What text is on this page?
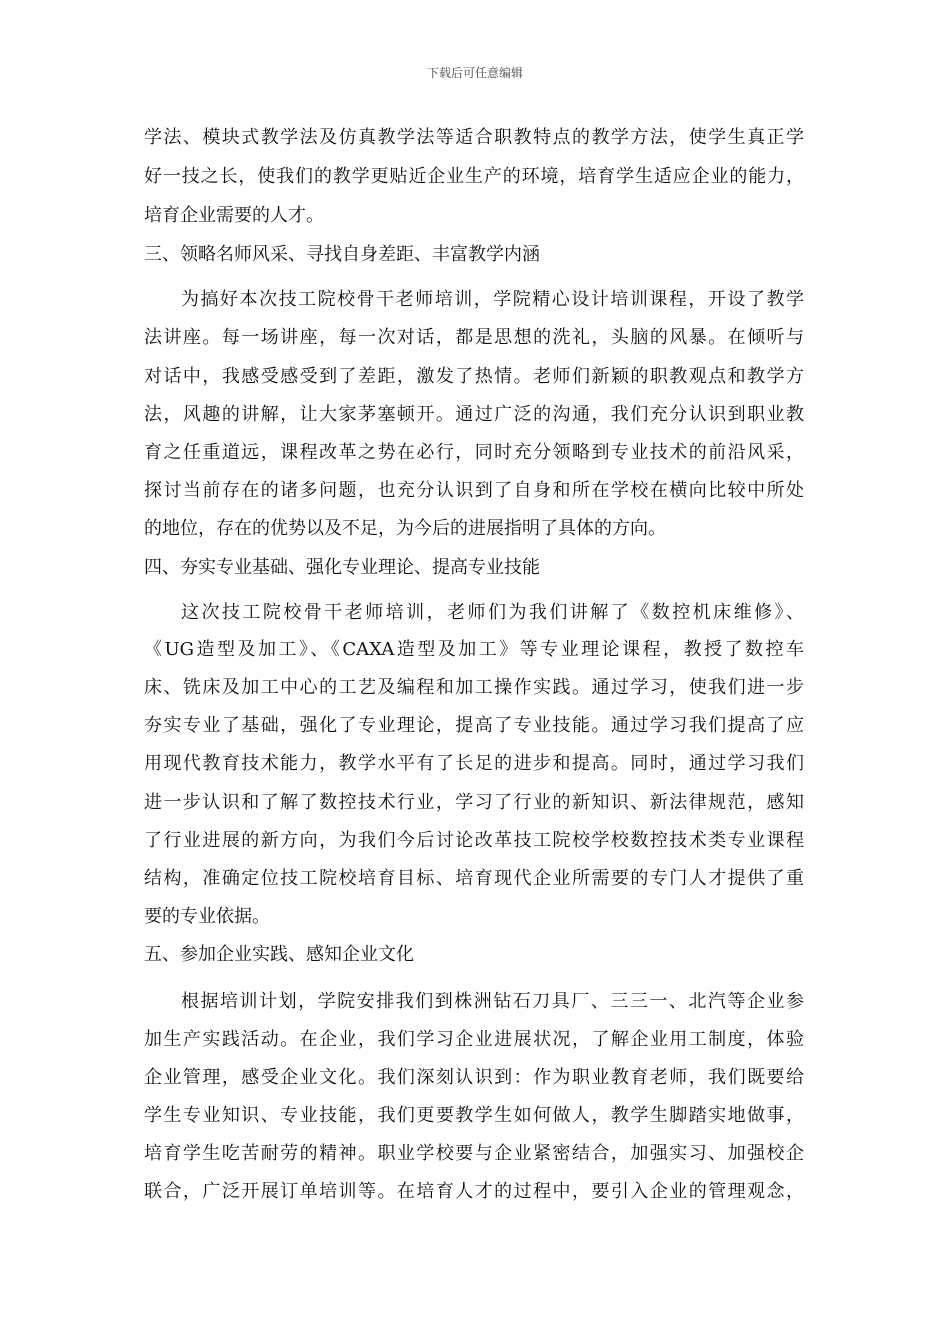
下载后可任意编辑
学法、模块式教学法及仿真教学法等适合职教特点的教学方法，使学生真正学
好一技之长，使我们的教学更贴近企业生产的环境，培育学生适应企业的能力，
培育企业需要的人才。
三、领略名师风采、寻找自身差距、丰富教学内涵
为搞好本次技工院校骨干老师培训，学院精心设计培训课程，开设了教学
法讲座。每一场讲座，每一次对话，都是思想的洗礼，头脑的风暴。在倾听与
对话中，我感受感受到了差距，激发了热情。老师们新颖的职教观点和教学方
法，风趣的讲解，让大家茅塞顿开。通过广泛的沟通，我们充分认识到职业教
育之任重道远，课程改革之势在必行，同时充分领略到专业技术的前沿风采，
探讨当前存在的诸多问题，也充分认识到了自身和所在学校在横向比较中所处
的地位，存在的优势以及不足，为今后的进展指明了具体的方向。
四、夯实专业基础、强化专业理论、提高专业技能
这次技工院校骨干老师培训，老师们为我们讲解了《数控机床维修》、
《UG造型及加工》、《CAXA造型及加工》等专业理论课程，教授了数控车
床、铣床及加工中心的工艺及编程和加工操作实践。通过学习，使我们进一步
夯实专业了基础，强化了专业理论，提高了专业技能。通过学习我们提高了应
用现代教育技术能力，教学水平有了长足的进步和提高。同时，通过学习我们
进一步认识和了解了数控技术行业，学习了行业的新知识、新法律规范，感知
了行业进展的新方向，为我们今后讨论改革技工院校学校数控技术类专业课程
结构，准确定位技工院校培育目标、培育现代企业所需要的专门人才提供了重
要的专业依据。
五、参加企业实践、感知企业文化
根据培训计划，学院安排我们到株洲钻石刀具厂、三三一、北汽等企业参
加生产实践活动。在企业，我们学习企业进展状况，了解企业用工制度，体验
企业管理，感受企业文化。我们深刻认识到：作为职业教育老师，我们既要给
学生专业知识、专业技能，我们更要教学生如何做人，教学生脚踏实地做事，
培育学生吃苦耐劳的精神。职业学校要与企业紧密结合，加强实习、加强校企
联合，广泛开展订单培训等。在培育人才的过程中，要引入企业的管理观念，
